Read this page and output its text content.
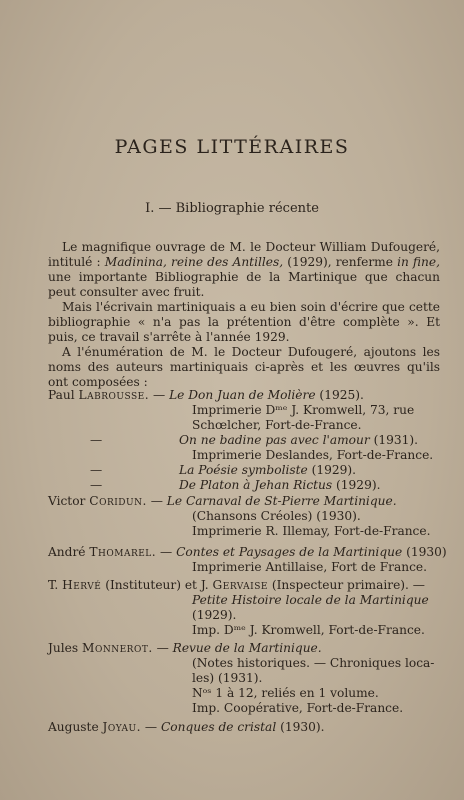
PAGES LITTÉRAIRES
I. — Bibliographie récente

Le magnifique ouvrage de M. le Docteur William Dufougeré, intitulé : Madinina, reine des Antilles, (1929), renferme in fine, une importante Bibliographie de la Martinique que chacun peut consulter avec fruit.

Mais l'écrivain martiniquais a eu bien soin d'écrire que cette bibliographie « n'a pas la prétention d'être complète ». Et puis, ce travail s'arrête à l'année 1929.

A l'énumération de M. le Docteur Dufougeré, ajoutons les noms des auteurs martiniquais ci-après et les œuvres qu'ils ont composées :

Paul Labrousse. — Le Don Juan de Molière (1925).
Imprimerie Dᵐᵉ J. Kromwell, 73, rue
Schœlcher, Fort-de-France.
—	On ne badine pas avec l'amour (1931).
Imprimerie Deslandes, Fort-de-France.
—	La Poésie symboliste (1929).
—	De Platon à Jehan Rictus (1929).
Victor Coridun. — Le Carnaval de St-Pierre Martinique.
(Chansons Créoles) (1930).
Imprimerie R. Illemay, Fort-de-France.
André Thomarel. — Contes et Paysages de la Martinique (1930)
Imprimerie Antillaise, Fort de France.
T. Hervé (Instituteur) et J. Gervaise (Inspecteur primaire). —
Petite Histoire locale de la Martinique
(1929).
Imp. Dᵐᵉ J. Kromwell, Fort-de-France.
Jules Monnerot. — Revue de la Martinique.
(Notes historiques. — Chroniques loca-
les) (1931).
Nᵒˢ 1 à 12, reliés en 1 volume.
Imp. Coopérative, Fort-de-France.
Auguste Joyau. — Conques de cristal (1930).
